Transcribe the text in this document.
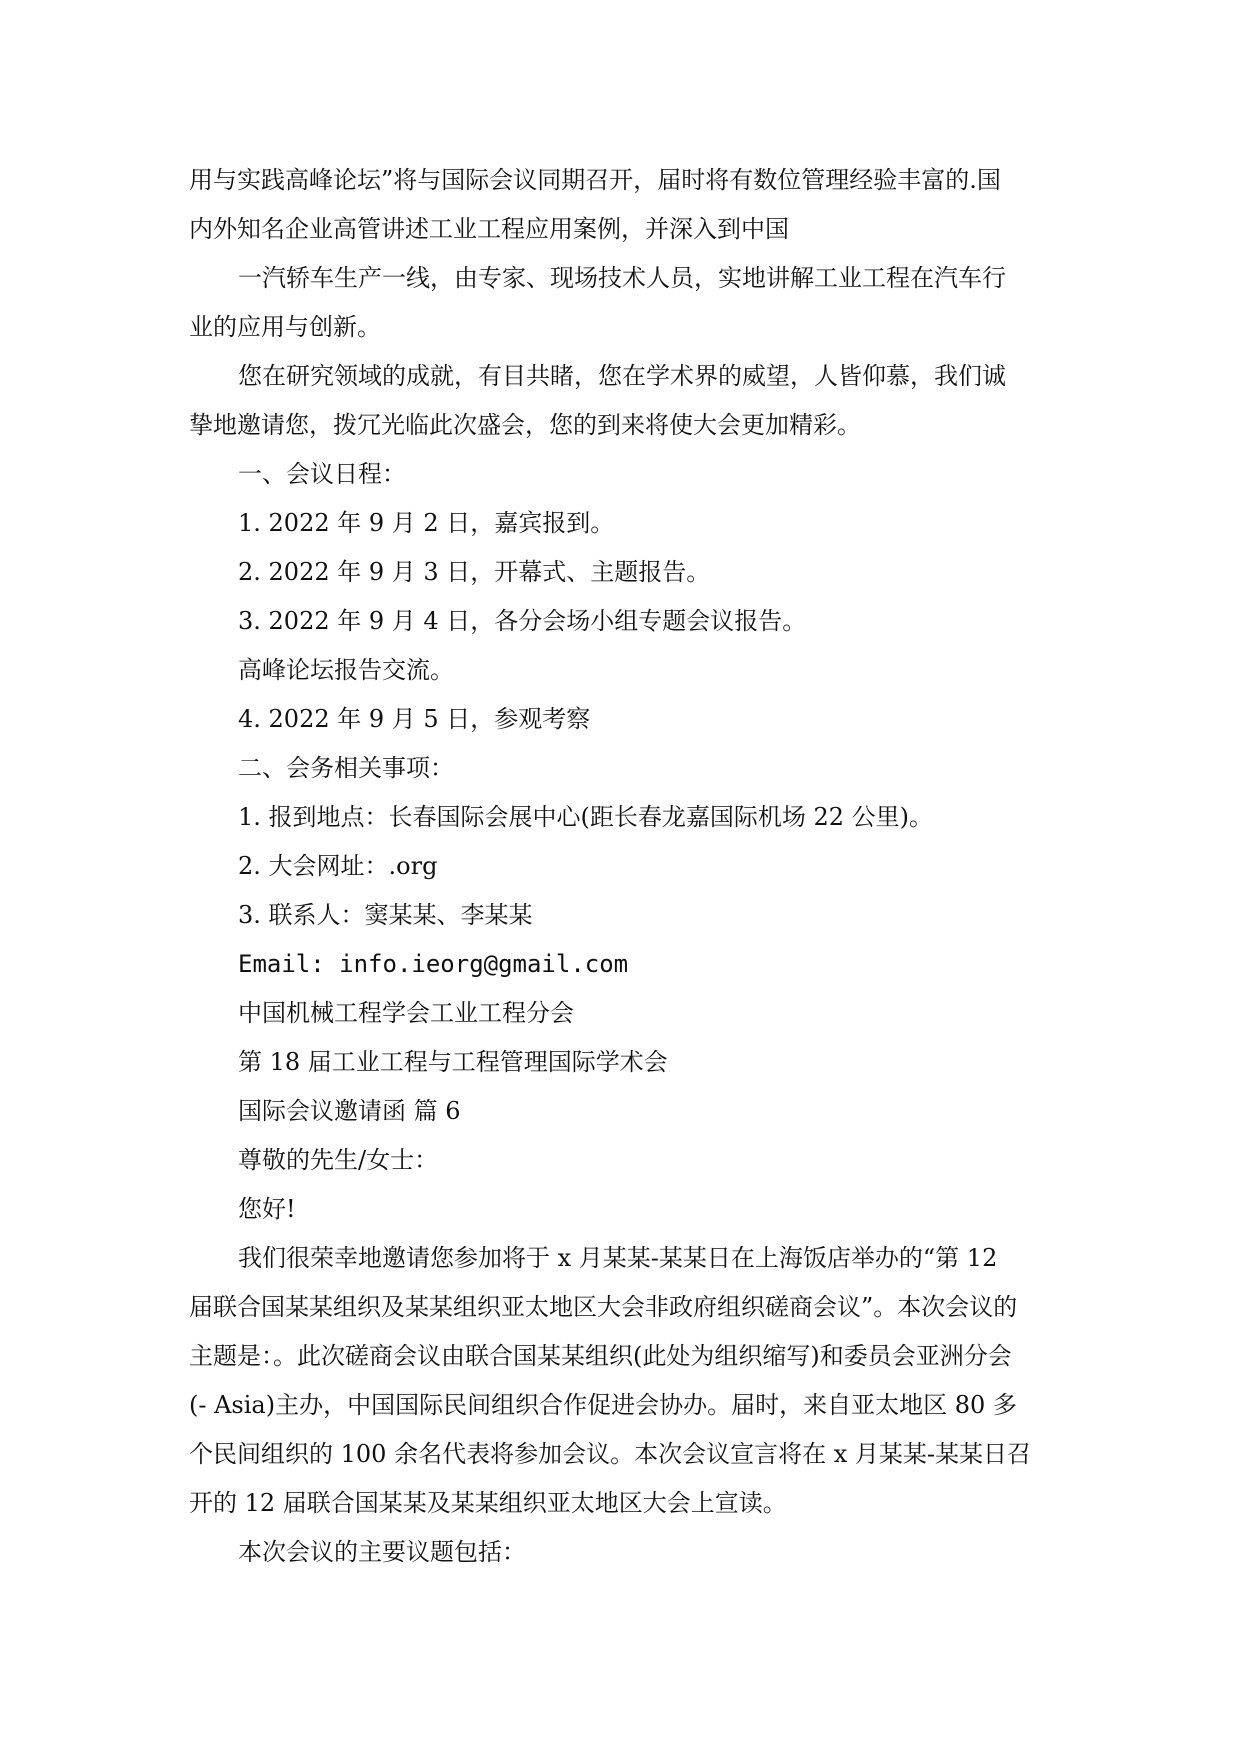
用与实践高峰论坛”将与国际会议同期召开，届时将有数位管理经验丰富的.国
内外知名企业高管讲述工业工程应用案例，并深入到中国
一汽轿车生产一线，由专家、现场技术人员，实地讲解工业工程在汽车行
业的应用与创新。
您在研究领域的成就，有目共睹，您在学术界的威望，人皆仰慕，我们诚
挚地邀请您，拨冗光临此次盛会，您的到来将使大会更加精彩。
一、会议日程：
1. 2022 年 9 月 2 日，嘉宾报到。
2. 2022 年 9 月 3 日，开幕式、主题报告。
3. 2022 年 9 月 4 日，各分会场小组专题会议报告。
高峰论坛报告交流。
4. 2022 年 9 月 5 日，参观考察
二、会务相关事项：
1. 报到地点：长春国际会展中心(距长春龙嘉国际机场 22 公里)。
2. 大会网址：.org
3. 联系人：窦某某、李某某
Email: info.ieorg@gmail.com
中国机械工程学会工业工程分会
第 18 届工业工程与工程管理国际学术会
国际会议邀请函 篇 6
尊敬的先生/女士：
您好!
我们很荣幸地邀请您参加将于 x 月某某-某某日在上海饭店举办的“第 12
届联合国某某组织及某某组织亚太地区大会非政府组织磋商会议”。本次会议的
主题是：。此次磋商会议由联合国某某组织(此处为组织缩写)和委员会亚洲分会
(- Asia)主办，中国国际民间组织合作促进会协办。届时，来自亚太地区 80 多
个民间组织的 100 余名代表将参加会议。本次会议宣言将在 x 月某某-某某日召
开的 12 届联合国某某及某某组织亚太地区大会上宣读。
本次会议的主要议题包括：
